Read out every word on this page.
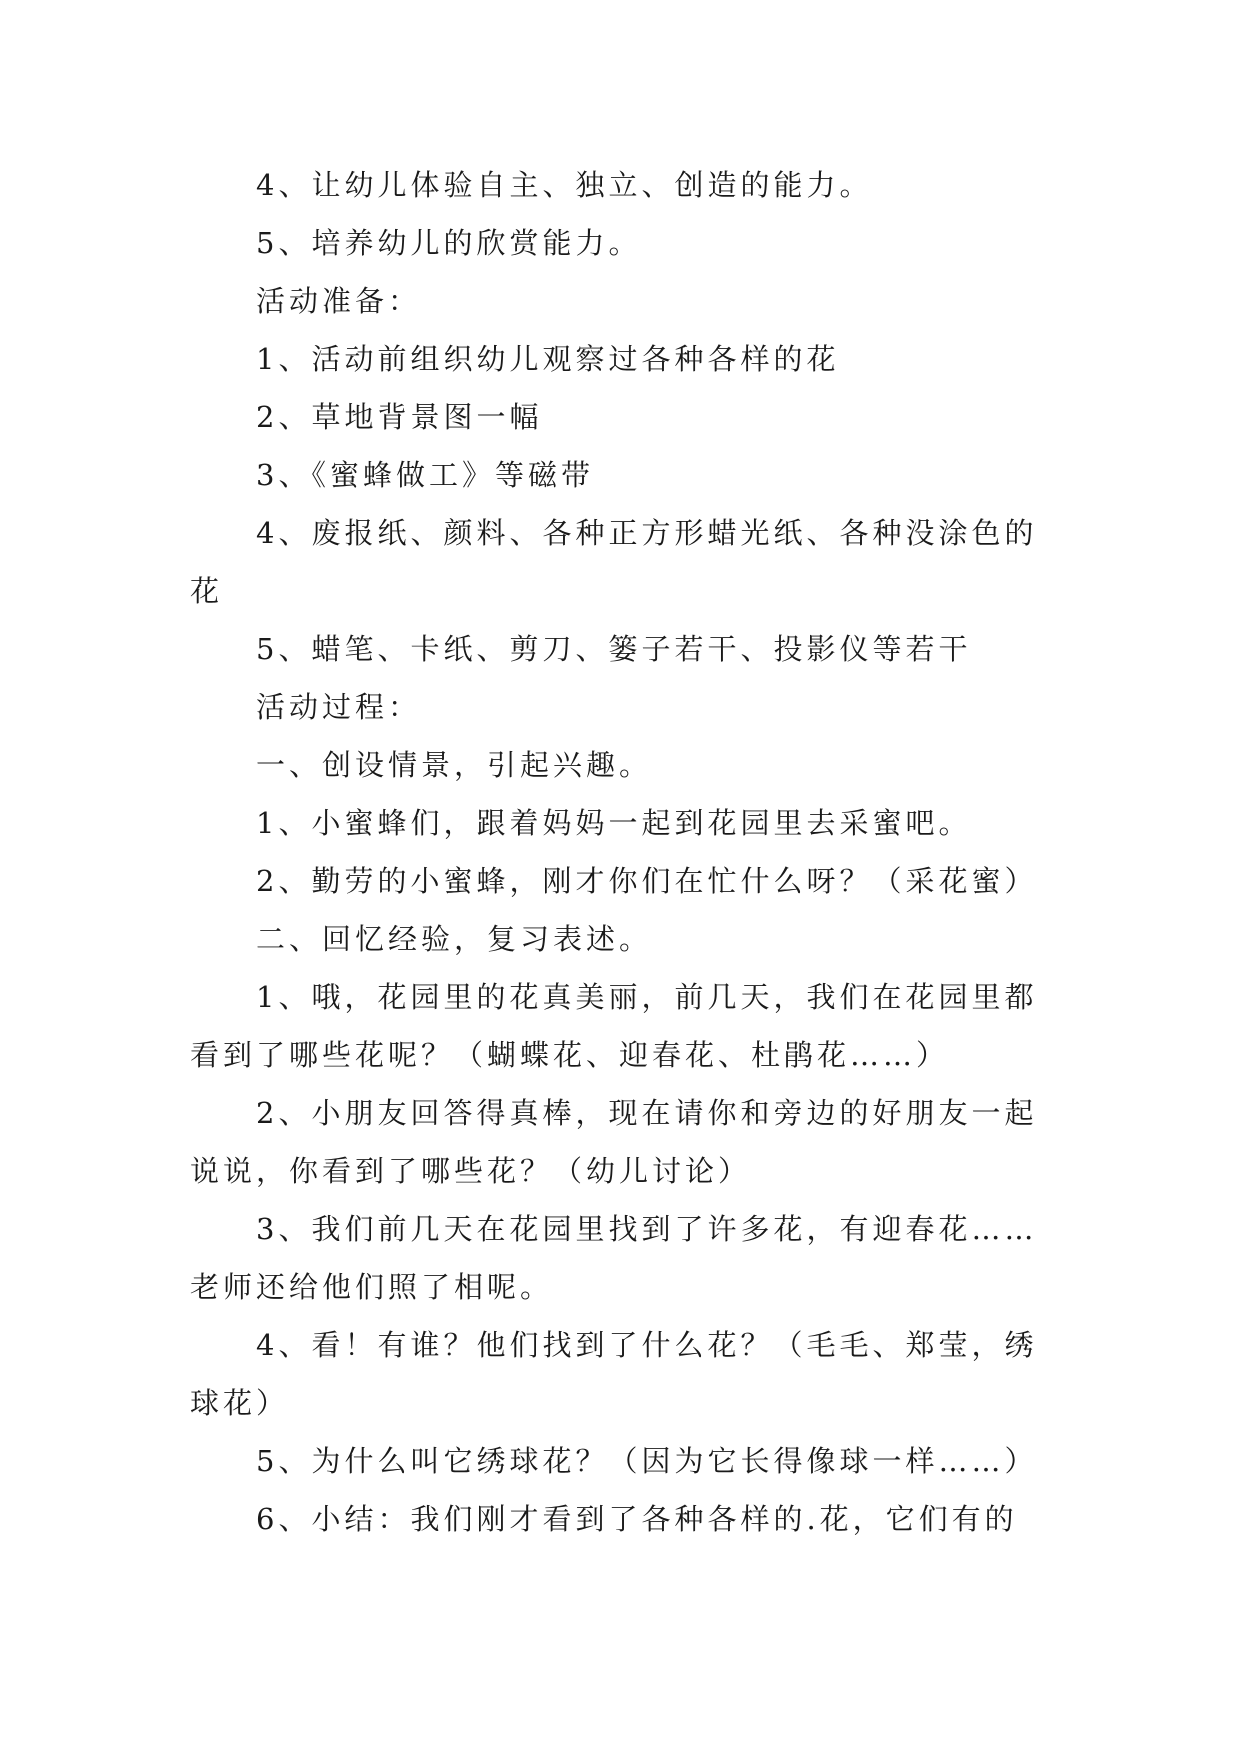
4、让幼儿体验自主、独立、创造的能力。
5、培养幼儿的欣赏能力。
活动准备：
1、活动前组织幼儿观察过各种各样的花
2、草地背景图一幅
3、《蜜蜂做工》等磁带
4、废报纸、颜料、各种正方形蜡光纸、各种没涂色的
花
5、蜡笔、卡纸、剪刀、篓子若干、投影仪等若干
活动过程：
一、创设情景，引起兴趣。
1、小蜜蜂们，跟着妈妈一起到花园里去采蜜吧。
2、勤劳的小蜜蜂，刚才你们在忙什么呀？（采花蜜）
二、回忆经验，复习表述。
1、哦，花园里的花真美丽，前几天，我们在花园里都
看到了哪些花呢？（蝴蝶花、迎春花、杜鹃花……）
2、小朋友回答得真棒，现在请你和旁边的好朋友一起
说说，你看到了哪些花？（幼儿讨论）
3、我们前几天在花园里找到了许多花，有迎春花……
老师还给他们照了相呢。
4、看！有谁？他们找到了什么花？（毛毛、郑莹，绣
球花）
5、为什么叫它绣球花？（因为它长得像球一样……）
6、小结：我们刚才看到了各种各样的.花，它们有的
